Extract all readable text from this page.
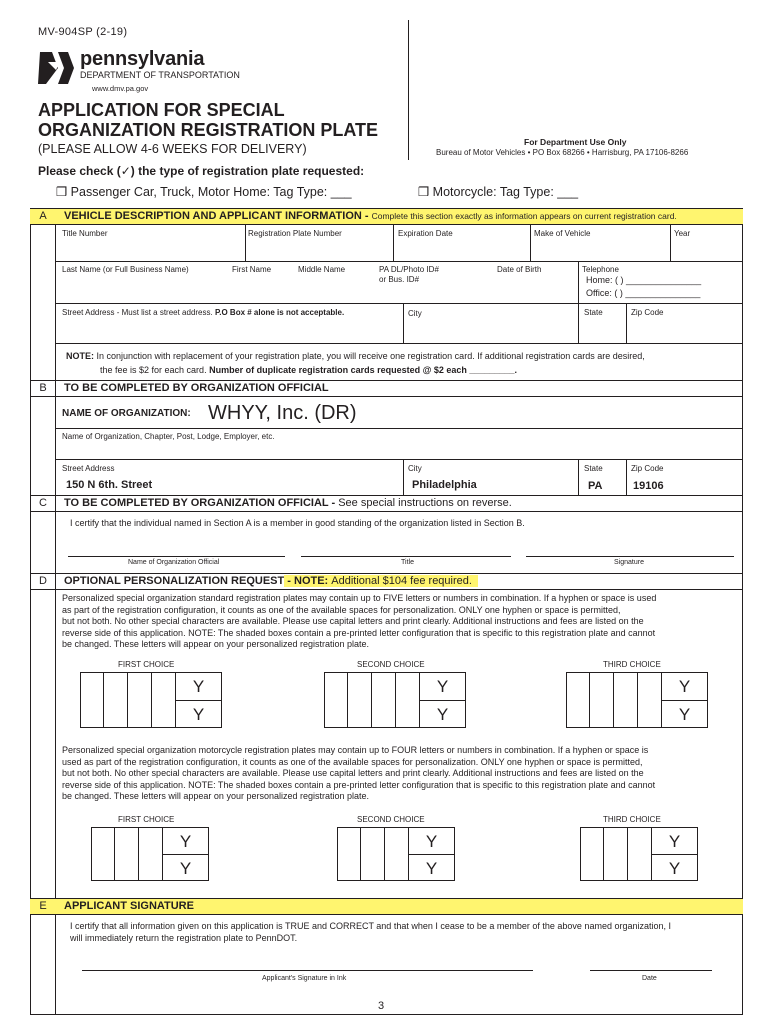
MV-904SP (2-19)
pennsylvania
DEPARTMENT OF TRANSPORTATION
www.dmv.pa.gov
APPLICATION FOR SPECIAL
ORGANIZATION REGISTRATION PLATE
(PLEASE ALLOW 4-6 WEEKS FOR DELIVERY)	For Department Use Only
Bureau of Motor Vehicles • PO Box 68266 • Harrisburg, PA 17106-8266
Please check (✓) the type of registration plate requested:
❒ Passenger Car, Truck, Motor Home: Tag Type: ___	❒ Motorcycle: Tag Type: ___
A	VEHICLE DESCRIPTION AND APPLICANT INFORMATION - Complete this section exactly as information appears on current registration card.
Title Number	Registration Plate Number	Expiration Date	Make of Vehicle	Year
Last Name (or Full Business Name)	First Name	Middle Name	PA DL/Photo ID#
or Bus. ID#
Date of Birth	Telephone
Home: ( ) _______________
Office: ( ) _______________
Street Address - Must list a street address. P.O Box # alone is not acceptable.	City	State	Zip Code
NOTE: In conjunction with replacement of your registration plate, you will receive one registration card. If additional registration cards are desired,
the fee is $2 for each card. Number of duplicate registration cards requested @ $2 each _________.
B	TO BE COMPLETED BY ORGANIZATION OFFICIAL
NAME OF ORGANIZATION: WHYY, Inc. (DR)
Name of Organization, Chapter, Post, Lodge, Employer, etc.
Street Address
150 N 6th. Street
City
Philadelphia
State
PA
Zip Code
19106
C	TO BE COMPLETED BY ORGANIZATION OFFICIAL - See special instructions on reverse.
I certify that the individual named in Section A is a member in good standing of the organization listed in Section B.
Name of Organization Official	Title	Signature
D	OPTIONAL PERSONALIZATION REQUEST - NOTE: Additional $104 fee required.
Personalized special organization standard registration plates may contain up to FIVE letters or numbers in combination. If a hyphen or space is used
as part of the registration configuration, it counts as one of the available spaces for personalization. ONLY one hyphen or space is permitted,
but not both. No other special characters are available. Please use capital letters and print clearly. Additional instructions and fees are listed on the
reverse side of this application. NOTE: The shaded boxes contain a pre-printed letter configuration that is specific to this registration plate and cannot
be changed. These letters will appear on your personalized registration plate.
FIRST CHOICE	SECOND CHOICE	THIRD CHOICE
Y
Y
Y
Y
Y
Y
Personalized special organization motorcycle registration plates may contain up to FOUR letters or numbers in combination. If a hyphen or space is
used as part of the registration configuration, it counts as one of the available spaces for personalization. ONLY one hyphen or space is permitted,
but not both. No other special characters are available. Please use capital letters and print clearly. Additional instructions and fees are listed on the
reverse side of this application. NOTE: The shaded boxes contain a pre-printed letter configuration that is specific to this registration plate and cannot
be changed. These letters will appear on your personalized registration plate.
FIRST CHOICE	SECOND CHOICE	THIRD CHOICE
Y
Y
Y
Y
Y
Y
E	APPLICANT SIGNATURE
I certify that all information given on this application is TRUE and CORRECT and that when I cease to be a member of the above named organization, I
will immediately return the registration plate to PennDOT.
Applicant's Signature in Ink	Date
3
